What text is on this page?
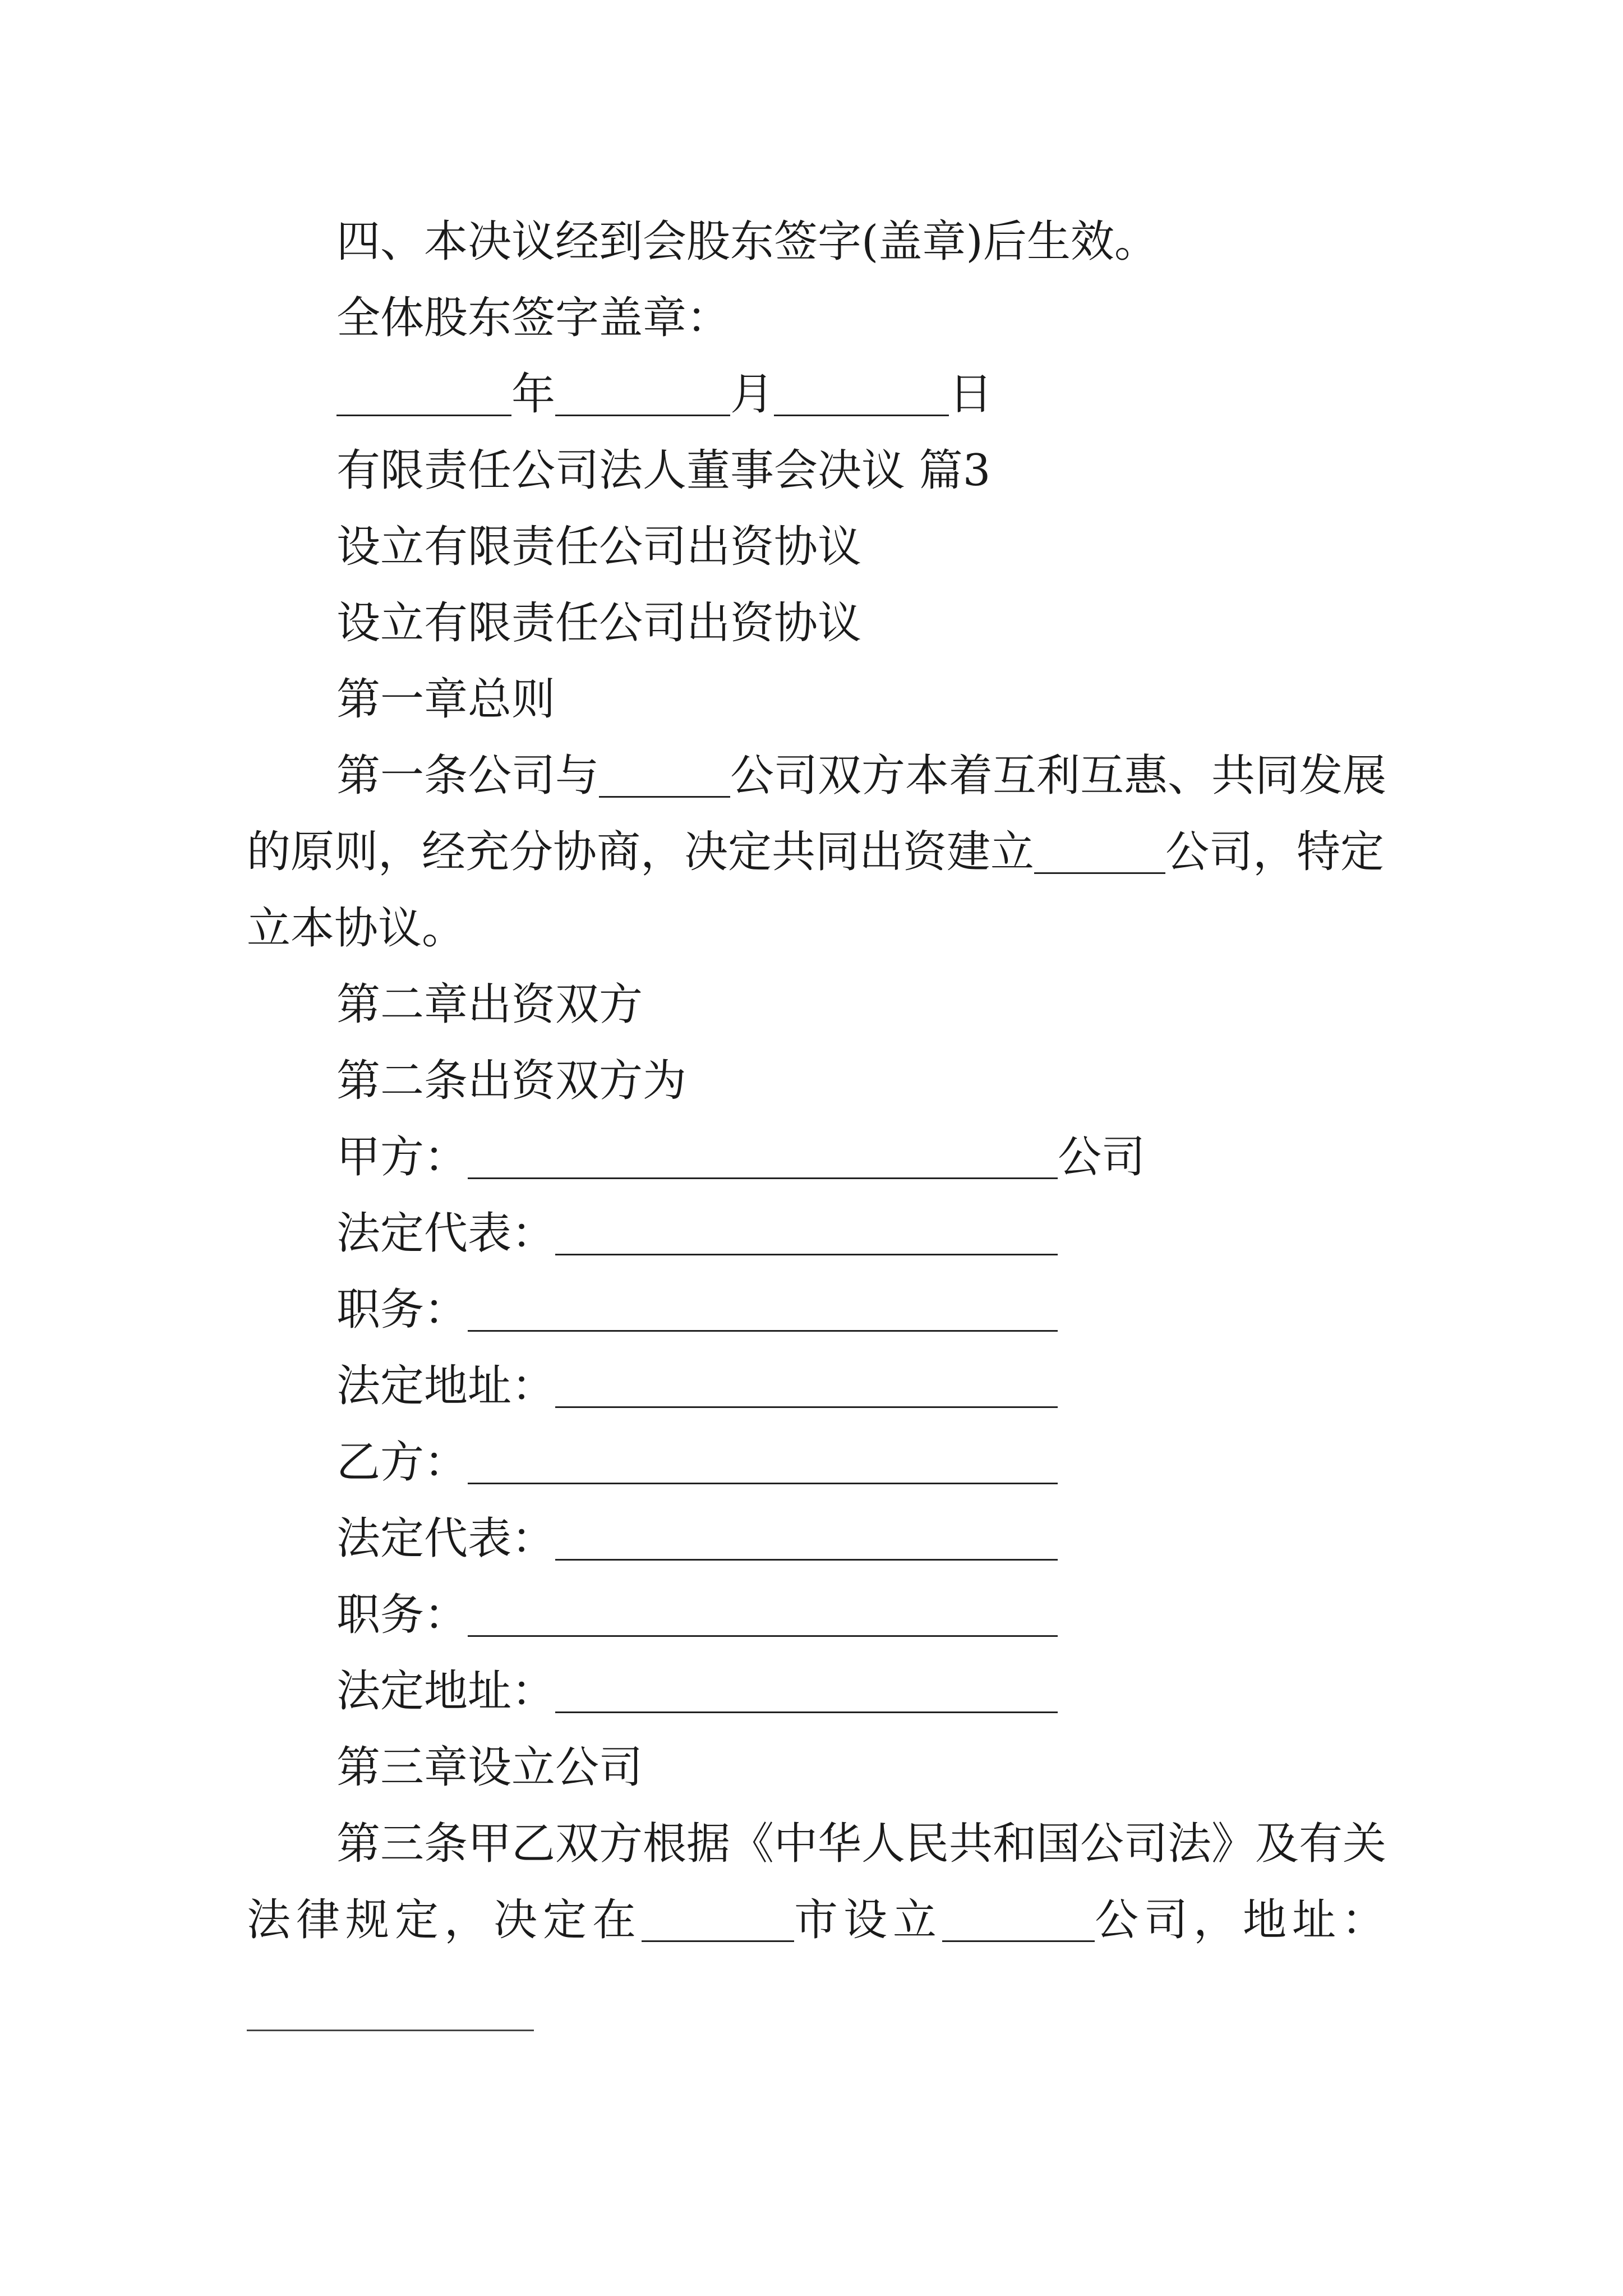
四、本决议经到会股东签字(盖章)后生效。
全体股东签字盖章：
年	月	日
有限责任公司法人董事会决议 篇3
设立有限责任公司出资协议
设立有限责任公司出资协议
第一章总则
第一条公司与	公司双方本着互利互惠、共同发展
的原则，经充分协商，决定共同出资建立	公司，特定
立本协议。
第二章出资双方
第二条出资双方为
甲方：	公司
法定代表：
职务：
法定地址：
乙方：
法定代表：
职务：
法定地址：
第三章设立公司
第三条甲乙双方根据《中华人民共和国公司法》及有关
法律规定，决定在	市设立	公司，地址：
